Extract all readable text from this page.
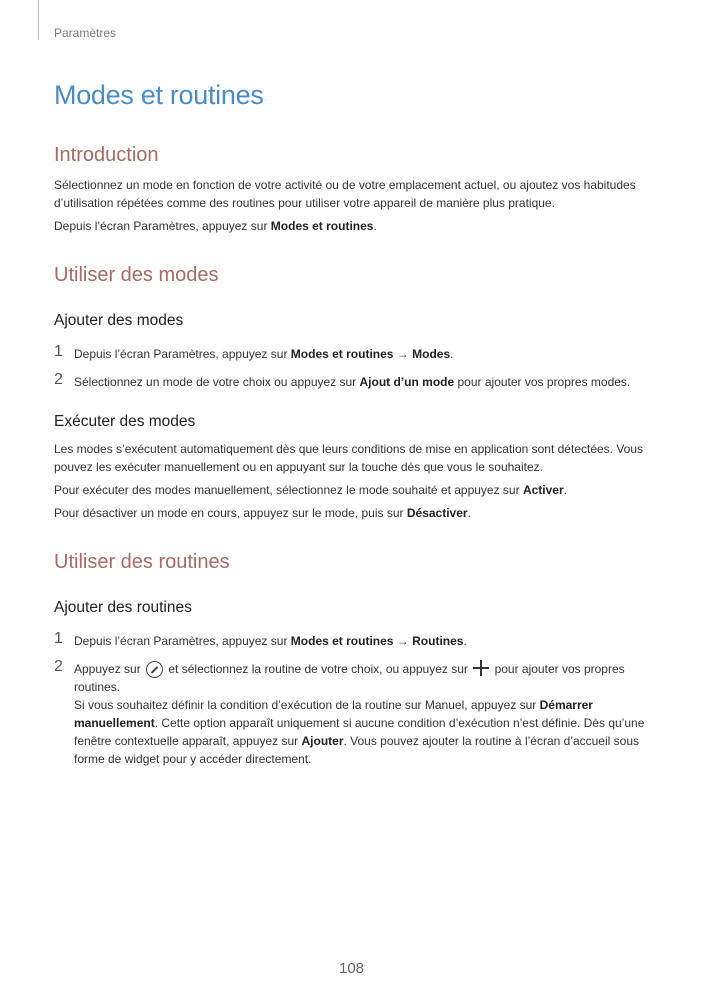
Paramètres
Modes et routines
Introduction

Sélectionnez un mode en fonction de votre activité ou de votre emplacement actuel, ou ajoutez vos habitudes d’utilisation répétées comme des routines pour utiliser votre appareil de manière plus pratique.

Depuis l’écran Paramètres, appuyez sur Modes et routines.

Utiliser des modes
Ajouter des modes
1 Depuis l’écran Paramètres, appuyez sur Modes et routines → Modes.
2 Sélectionnez un mode de votre choix ou appuyez sur Ajout d’un mode pour ajouter vos propres modes.
Exécuter des modes

Les modes s’exécutent automatiquement dès que leurs conditions de mise en application sont détectées. Vous pouvez les exécuter manuellement ou en appuyant sur la touche dès que vous le souhaitez.

Pour exécuter des modes manuellement, sélectionnez le mode souhaité et appuyez sur Activer.

Pour désactiver un mode en cours, appuyez sur le mode, puis sur Désactiver.

Utiliser des routines
Ajouter des routines
1 Depuis l’écran Paramètres, appuyez sur Modes et routines → Routines.
2 Appuyez sur  et sélectionnez la routine de votre choix, ou appuyez sur  pour ajouter vos propres routines.
Si vous souhaitez définir la condition d’exécution de la routine sur Manuel, appuyez sur Démarrer manuellement. Cette option apparaît uniquement si aucune condition d’exécution n’est définie. Dès qu’une fenêtre contextuelle apparaît, appuyez sur Ajouter. Vous pouvez ajouter la routine à l’écran d’accueil sous forme de widget pour y accéder directement.
108
